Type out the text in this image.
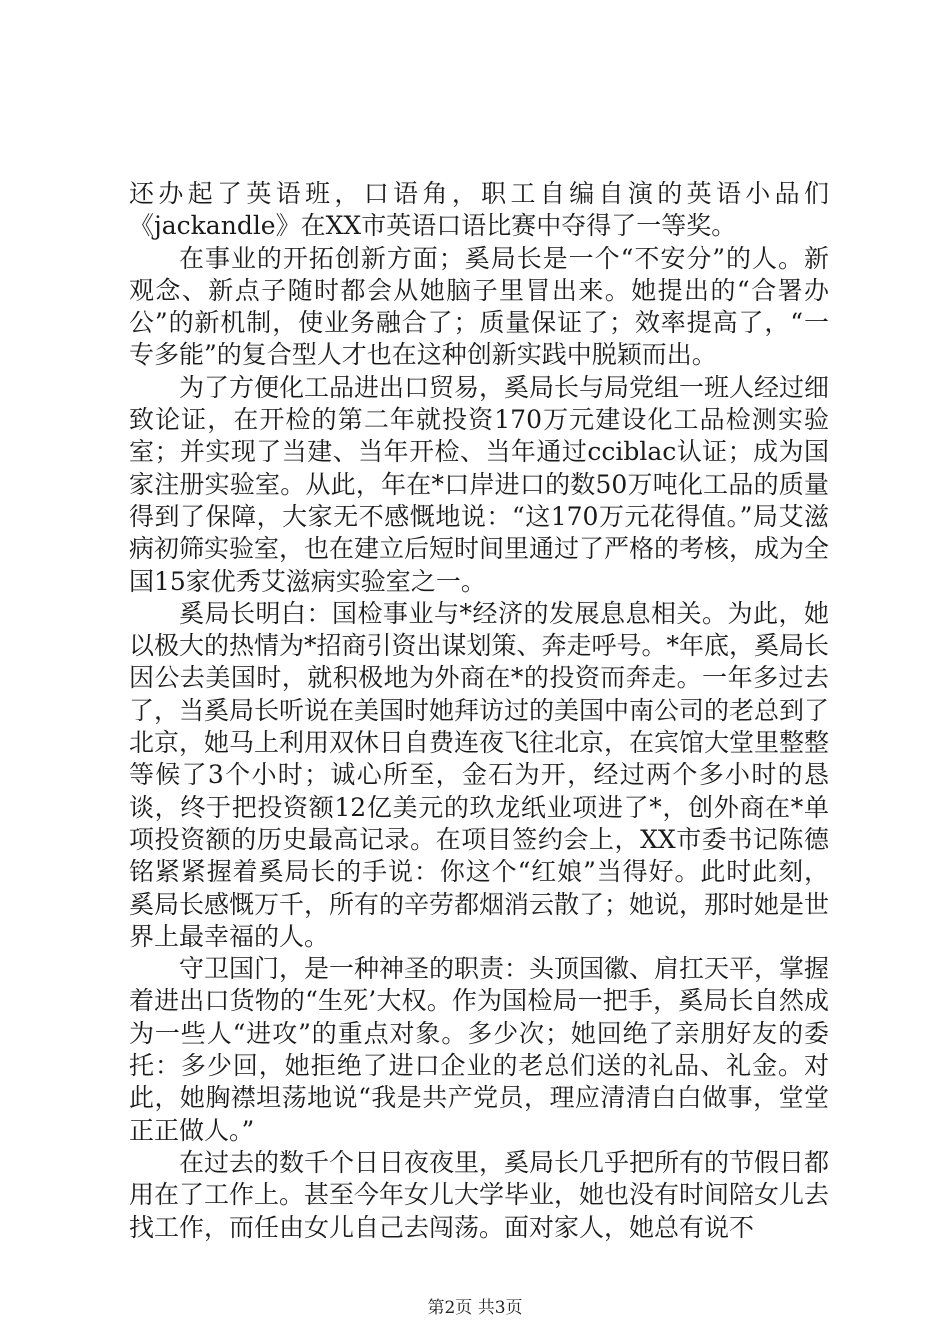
还办起了英语班，口语角，职工自编自演的英语小品们《jackandle》在XX市英语口语比赛中夺得了一等奖。

在事业的开拓创新方面；奚局长是一个“不安分”的人。新观念、新点子随时都会从她脑子里冒出来。她提出的“合署办公”的新机制，使业务融合了；质量保证了；效率提高了，“一专多能”的复合型人才也在这种创新实践中脱颖而出。

为了方便化工品进出口贸易，奚局长与局党组一班人经过细致论证，在开检的第二年就投资170万元建设化工品检测实验室；并实现了当建、当年开检、当年通过cciblac认证；成为国家注册实验室。从此，年在*口岸进口的数50万吨化工品的质量得到了保障，大家无不感慨地说：“这170万元花得值。”局艾滋病初筛实验室，也在建立后短时间里通过了严格的考核，成为全国15家优秀艾滋病实验室之一。

奚局长明白：国检事业与*经济的发展息息相关。为此，她以极大的热情为*招商引资出谋划策、奔走呼号。*年底，奚局长因公去美国时，就积极地为外商在*的投资而奔走。一年多过去了，当奚局长听说在美国时她拜访过的美国中南公司的老总到了北京，她马上利用双休日自费连夜飞往北京，在宾馆大堂里整整等候了3个小时；诚心所至，金石为开，经过两个多小时的恳谈，终于把投资额12亿美元的玖龙纸业项进了*，创外商在*单项投资额的历史最高记录。在项目签约会上，XX市委书记陈德铭紧紧握着奚局长的手说：你这个“红娘”当得好。此时此刻，奚局长感慨万千，所有的辛劳都烟消云散了；她说，那时她是世界上最幸福的人。

守卫国门，是一种神圣的职责：头顶国徽、肩扛天平，掌握着进出口货物的“生死’大权。作为国检局一把手，奚局长自然成为一些人“进攻”的重点对象。多少次；她回绝了亲朋好友的委托：多少回，她拒绝了进口企业的老总们送的礼品、礼金。对此，她胸襟坦荡地说“我是共产党员，理应清清白白做事，堂堂正正做人。”

在过去的数千个日日夜夜里，奚局长几乎把所有的节假日都用在了工作上。甚至今年女儿大学毕业，她也没有时间陪女儿去找工作，而任由女儿自己去闯荡。面对家人，她总有说不

第2页 共3页
